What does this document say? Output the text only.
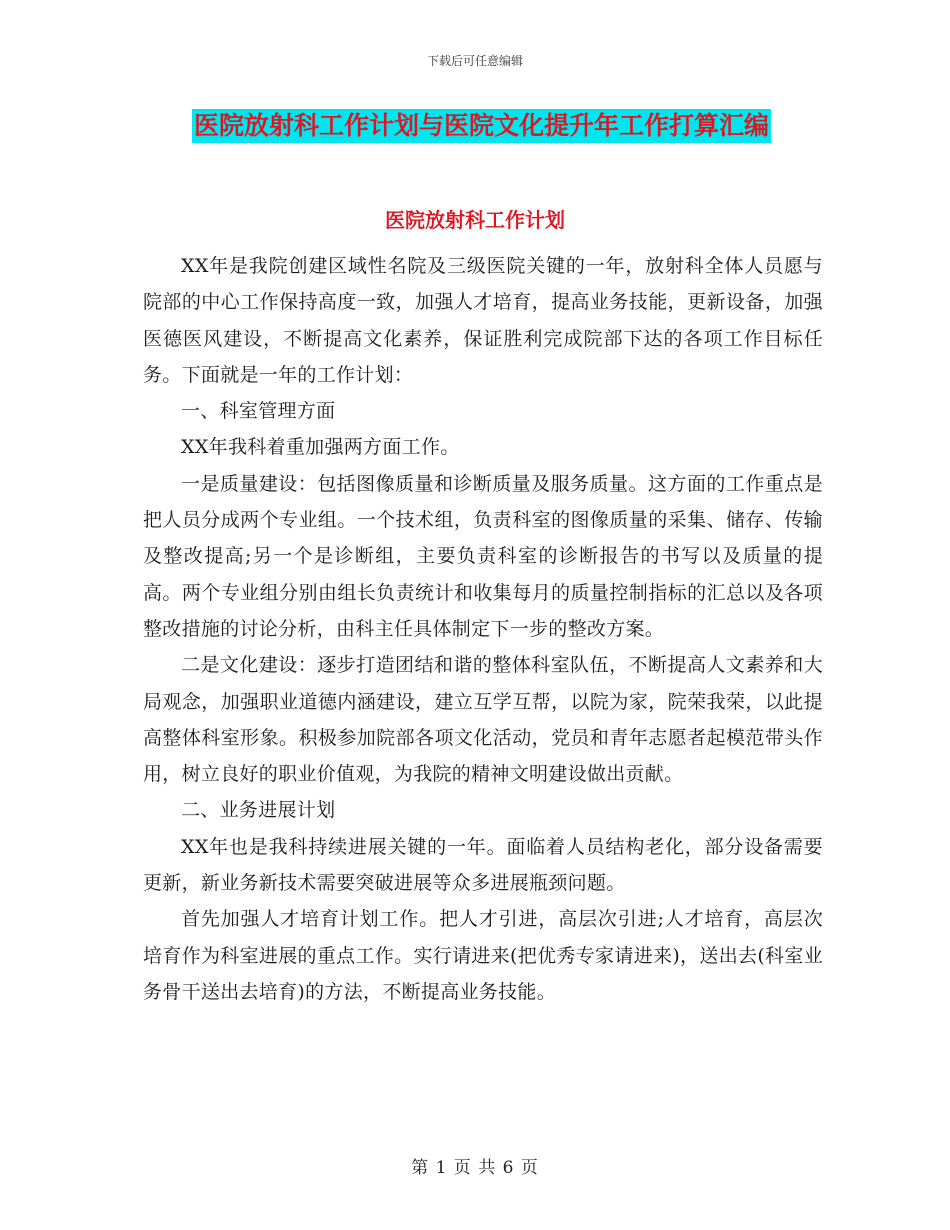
下载后可任意编辑
医院放射科工作计划与医院文化提升年工作打算汇编
医院放射科工作计划

XX年是我院创建区域性名院及三级医院关键的一年，放射科全体人员愿与院部的中心工作保持高度一致，加强人才培育，提高业务技能，更新设备，加强医德医风建设，不断提高文化素养，保证胜利完成院部下达的各项工作目标任务。下面就是一年的工作计划：

一、科室管理方面

XX年我科着重加强两方面工作。

一是质量建设：包括图像质量和诊断质量及服务质量。这方面的工作重点是把人员分成两个专业组。一个技术组，负责科室的图像质量的采集、储存、传输及整改提高;另一个是诊断组，主要负责科室的诊断报告的书写以及质量的提高。两个专业组分别由组长负责统计和收集每月的质量控制指标的汇总以及各项整改措施的讨论分析，由科主任具体制定下一步的整改方案。

二是文化建设：逐步打造团结和谐的整体科室队伍，不断提高人文素养和大局观念，加强职业道德内涵建设，建立互学互帮，以院为家，院荣我荣，以此提高整体科室形象。积极参加院部各项文化活动，党员和青年志愿者起模范带头作用，树立良好的职业价值观，为我院的精神文明建设做出贡献。

二、业务进展计划

XX年也是我科持续进展关键的一年。面临着人员结构老化，部分设备需要更新，新业务新技术需要突破进展等众多进展瓶颈问题。

首先加强人才培育计划工作。把人才引进，高层次引进;人才培育，高层次培育作为科室进展的重点工作。实行请进来(把优秀专家请进来)，送出去(科室业务骨干送出去培育)的方法，不断提高业务技能。

第 1 页 共 6 页
